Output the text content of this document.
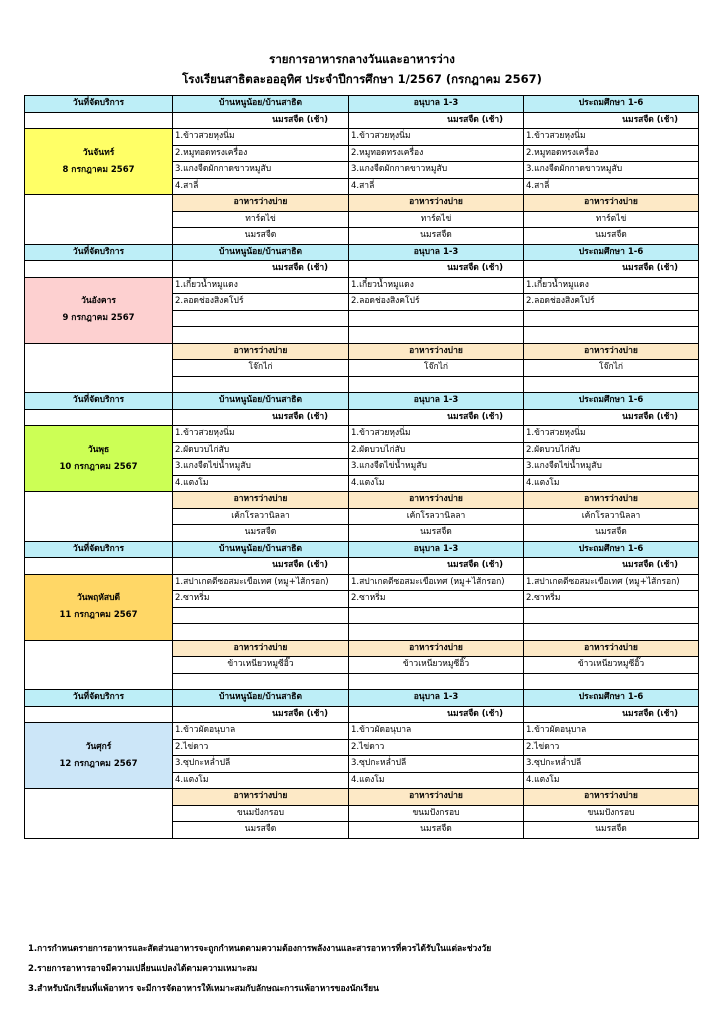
รายการอาหารกลางวันและอาหารว่าง
โรงเรียนสาธิตละอออุทิศ ประจำปีการศึกษา 1/2567 (กรกฎาคม 2567)
วันที่จัดบริการ	บ้านหนูน้อย/บ้านสาธิต	อนุบาล 1-3	ประถมศึกษา 1-6
	นมรสจืด (เช้า)	นมรสจืด (เช้า)	นมรสจืด (เช้า)

วันจันทร์
8 กรกฎาคม 2567	1.ข้าวสวยหุงนิ่ม	1.ข้าวสวยหุงนิ่ม	1.ข้าวสวยหุงนิ่ม
	2.หมูทอดทรงเครื่อง	2.หมูทอดทรงเครื่อง	2.หมูทอดทรงเครื่อง
	3.แกงจืดผักกาดขาวหมูสับ	3.แกงจืดผักกาดขาวหมูสับ	3.แกงจืดผักกาดขาวหมูสับ
	4.สาลี่	4.สาลี่	4.สาลี่
	อาหารว่างบ่าย	อาหารว่างบ่าย	อาหารว่างบ่าย
	ทาร์ตไข่	ทาร์ตไข่	ทาร์ตไข่
	นมรสจืด	นมรสจืด	นมรสจืด
วันที่จัดบริการ	บ้านหนูน้อย/บ้านสาธิต	อนุบาล 1-3	ประถมศึกษา 1-6
	นมรสจืด (เช้า)	นมรสจืด (เช้า)	นมรสจืด (เช้า)

วันอังคาร
9 กรกฎาคม 2567	1.เกี๋ยวน้ำหมูแดง	1.เกี๋ยวน้ำหมูแดง	1.เกี๋ยวน้ำหมูแดง
	2.ลอดช่องสิงคโปร์	2.ลอดช่องสิงคโปร์	2.ลอดช่องสิงคโปร์

	อาหารว่างบ่าย	อาหารว่างบ่าย	อาหารว่างบ่าย
	โจ๊กไก่	โจ๊กไก่	โจ๊กไก่

วันที่จัดบริการ	บ้านหนูน้อย/บ้านสาธิต	อนุบาล 1-3	ประถมศึกษา 1-6
	นมรสจืด (เช้า)	นมรสจืด (เช้า)	นมรสจืด (เช้า)

วันพุธ
10 กรกฎาคม 2567	1.ข้าวสวยหุงนิ่ม	1.ข้าวสวยหุงนิ่ม	1.ข้าวสวยหุงนิ่ม
	2.ผัดบวบไก่สับ	2.ผัดบวบไก่สับ	2.ผัดบวบไก่สับ
	3.แกงจืดไข่น้ำหมูสับ	3.แกงจืดไข่น้ำหมูสับ	3.แกงจืดไข่น้ำหมูสับ
	4.แตงโม	4.แตงโม	4.แตงโม
	อาหารว่างบ่าย	อาหารว่างบ่าย	อาหารว่างบ่าย
	เค้กโรลวานิลลา	เค้กโรลวานิลลา	เค้กโรลวานิลลา
	นมรสจืด	นมรสจืด	นมรสจืด
วันที่จัดบริการ	บ้านหนูน้อย/บ้านสาธิต	อนุบาล 1-3	ประถมศึกษา 1-6
	นมรสจืด (เช้า)	นมรสจืด (เช้า)	นมรสจืด (เช้า)

วันพฤหัสบดี
11 กรกฎาคม 2567	1.สปาเกตตีซอสมะเขือเทศ (หมู+ไส้กรอก)	1.สปาเกตตีซอสมะเขือเทศ (หมู+ไส้กรอก)	1.สปาเกตตีซอสมะเขือเทศ (หมู+ไส้กรอก)
	2.ซาหริ่ม	2.ซาหริ่ม	2.ซาหริ่ม

	อาหารว่างบ่าย	อาหารว่างบ่าย	อาหารว่างบ่าย
	ข้าวเหนียวหมูซีอิ๊ว	ข้าวเหนียวหมูซีอิ๊ว	ข้าวเหนียวหมูซีอิ๊ว

วันที่จัดบริการ	บ้านหนูน้อย/บ้านสาธิต	อนุบาล 1-3	ประถมศึกษา 1-6
	นมรสจืด (เช้า)	นมรสจืด (เช้า)	นมรสจืด (เช้า)

วันศุกร์
12 กรกฎาคม 2567	1.ข้าวผัดอนุบาล	1.ข้าวผัดอนุบาล	1.ข้าวผัดอนุบาล
	2.ไข่ดาว	2.ไข่ดาว	2.ไข่ดาว
	3.ซุปกะหล่ำปลี	3.ซุปกะหล่ำปลี	3.ซุปกะหล่ำปลี
	4.แตงโม	4.แตงโม	4.แตงโม
	อาหารว่างบ่าย	อาหารว่างบ่าย	อาหารว่างบ่าย
	ขนมปังกรอบ	ขนมปังกรอบ	ขนมปังกรอบ
	นมรสจืด	นมรสจืด	นมรสจืด
1.การกำหนดรายการอาหารและสัดส่วนอาหารจะถูกกำหนดตามความต้องการพลังงานและสารอาหารที่ควรได้รับในแต่ละช่วงวัย
2.รายการอาหารอาจมีความเปลี่ยนแปลงได้ตามความเหมาะสม
3.สำหรับนักเรียนที่แพ้อาหาร จะมีการจัดอาหารให้เหมาะสมกับลักษณะการแพ้อาหารของนักเรียน
